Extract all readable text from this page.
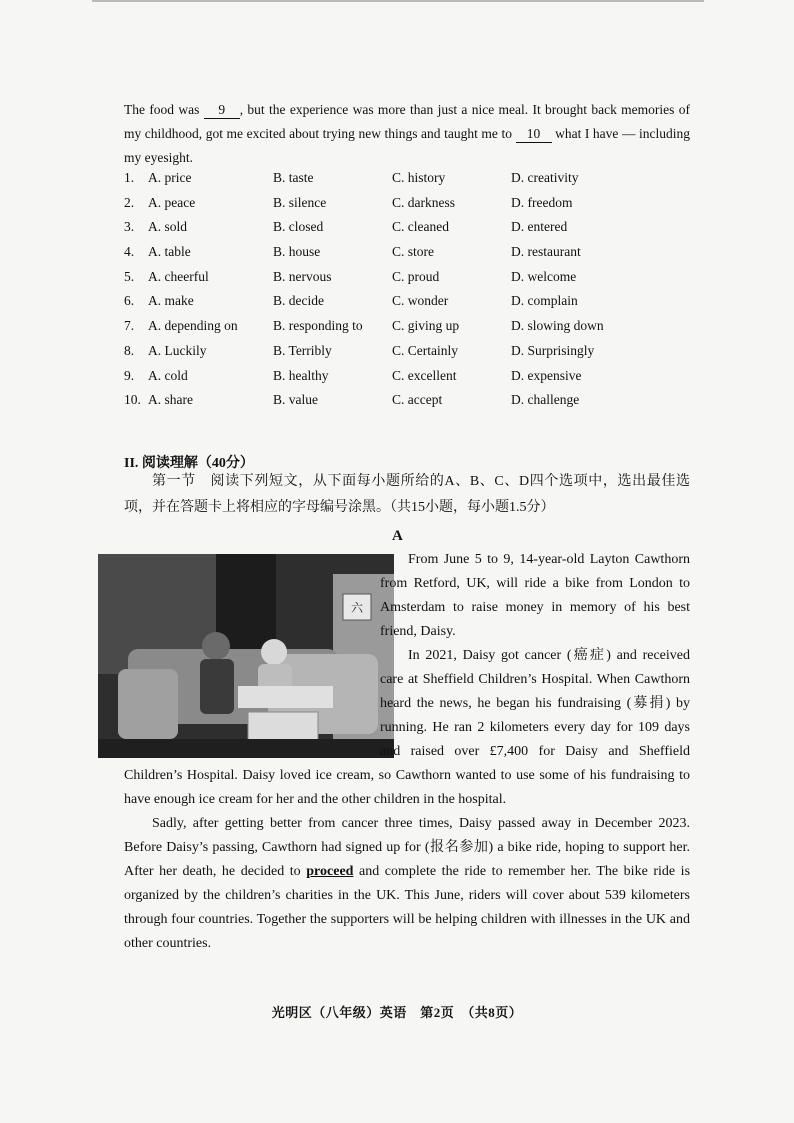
The food was 9 , but the experience was more than just a nice meal. It brought back memories of my childhood, got me excited about trying new things and taught me to 10 what I have — including my eyesight.

1. A. price	B. taste	C. history	D. creativity
2. A. peace	B. silence	C. darkness	D. freedom
3. A. sold	B. closed	C. cleaned	D. entered
4. A. table	B. house	C. store	D. restaurant
5. A. cheerful	B. nervous	C. proud	D. welcome
6. A. make	B. decide	C. wonder	D. complain
7. A. depending on	B. responding to C. giving up	D. slowing down
8. A. Luckily	B. Terribly	C. Certainly	D. Surprisingly
9. A. cold	B. healthy	C. excellent	D. expensive
10. A. share	B. value	C. accept	D. challenge
II. 阅读理解（40分）

第一节　阅读下列短文，从下面每小题所给的A、B、C、D四个选项中，选出最佳选项，并在答题卡上将相应的字母编号涂黑。（共15小题，每小题1.5分）

A
六

From June 5 to 9, 14-year-old Layton Cawthorn from Retford, UK, will ride a bike from London to Amsterdam to raise money in memory of his best friend, Daisy.

In 2021, Daisy got cancer (癌症) and received care at Sheffield Children’s Hospital. When Cawthorn heard the news, he began his fundraising (募捐) by running. He ran 2 kilometers every day for 109 days and raised over £7,400 for Daisy and Sheffield Children’s Hospital. Daisy loved ice cream, so Cawthorn wanted to use some of his fundraising to have enough ice cream for her and the other children in the hospital.

Sadly, after getting better from cancer three times, Daisy passed away in December 2023. Before Daisy’s passing, Cawthorn had signed up for (报名参加) a bike ride, hoping to support her. After her death, he decided to proceed and complete the ride to remember her. The bike ride is organized by the children’s charities in the UK. This June, riders will cover about 539 kilometers through four countries. Together the supporters will be helping children with illnesses in the UK and other countries.

光明区（八年级）英语　第2页　（共8页）
